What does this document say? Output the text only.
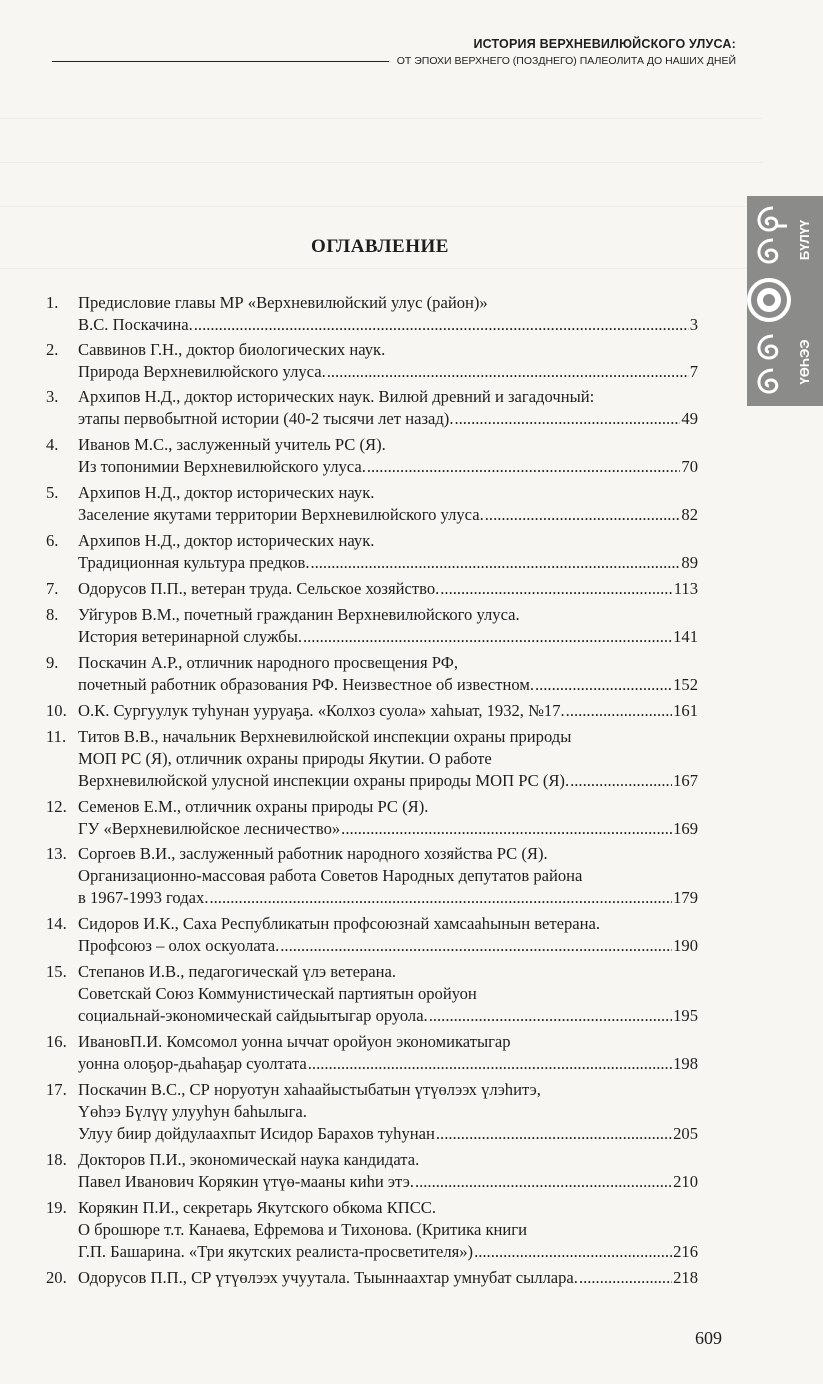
ИСТОРИЯ ВЕРХНЕВИЛЮЙСКОГО УЛУСА:
ОТ ЭПОХИ ВЕРХНЕГО (ПОЗДНЕГО) ПАЛЕОЛИТА ДО НАШИХ ДНЕЙ
БҮЛҮҮ
ҮӨҺЭЭ
ОГЛАВЛЕНИЕ
1.	Предисловие главы МР «Верхневилюйский улус (район)»
В.С. Поскачина. .....	3
2.	Саввинов Г.Н., доктор биологических наук.
Природа Верхневилюйского улуса. .....	7
3.	Архипов Н.Д., доктор исторических наук. Вилюй древний и загадочный:
этапы первобытной истории (40-2 тысячи лет назад). .....	49
4.	Иванов М.С., заслуженный учитель РС (Я).
Из топонимии Верхневилюйского улуса. .....	70
5.	Архипов Н.Д., доктор исторических наук.
Заселение якутами территории Верхневилюйского улуса. .....	82
6.	Архипов Н.Д., доктор исторических наук.
Традиционная культура предков. .....	89
7.	Одорусов П.П., ветеран труда. Сельское хозяйство. .....	113
8.	Уйгуров В.М., почетный гражданин Верхневилюйского улуса.
История ветеринарной службы. .....	141
9.	Поскачин А.Р., отличник народного просвещения РФ,
почетный работник образования РФ. Неизвестное об известном. .....	152
10. О.К. Сургуулук туһунан ууруаҕа. «Колхоз суола» хаһыат, 1932, №17. .....	161
11. Титов В.В., начальник Верхневилюйской инспекции охраны природы
МОП РС (Я), отличник охраны природы Якутии. О работе
Верхневилюйской улусной инспекции охраны природы МОП РС (Я). .....	167
12. Семенов Е.М., отличник охраны природы РС (Я).
ГУ «Верхневилюйское лесничество» .....	169
13. Соргоев В.И., заслуженный работник народного хозяйства РС (Я).
Организационно-массовая работа Советов Народных депутатов района
в 1967-1993 годах. .....	179
14. Сидоров И.К., Саха Республикатын профсоюзнай хамсааһынын ветерана.
Профсоюз – олох оскуолата. .....	190
15. Степанов И.В., педагогическай үлэ ветерана.
Советскай Союз Коммунистическай партиятын оройуон
социальнай-экономическай сайдыытыгар оруола. .....	195
16. ИвановП.И. Комсомол уонна ыччат оройуон экономикатыгар
уонна олоҕор-дьаһаҕар суолтата .....	198
17. Поскачин В.С., СР норуотун хаһаайыстыбатын үтүөлээх үлэһитэ,
Үөһээ Бүлүү улууһун баһылыга.
Улуу биир дойдулаахпыт Исидор Барахов туһунан .....	205
18. Докторов П.И., экономическай наука кандидата.
Павел Иванович Корякин үтүө-мааны киһи этэ. .....	210
19. Корякин П.И., секретарь Якутского обкома КПСС.
О брошюре т.т. Канаева, Ефремова и Тихонова. (Критика книги
Г.П. Башарина. «Три якутских реалиста-просветителя») .....	216
20. Одорусов П.П., СР үтүөлээх учуутала. Тыыннаахтар умнубат сыллара. .....	218
609
